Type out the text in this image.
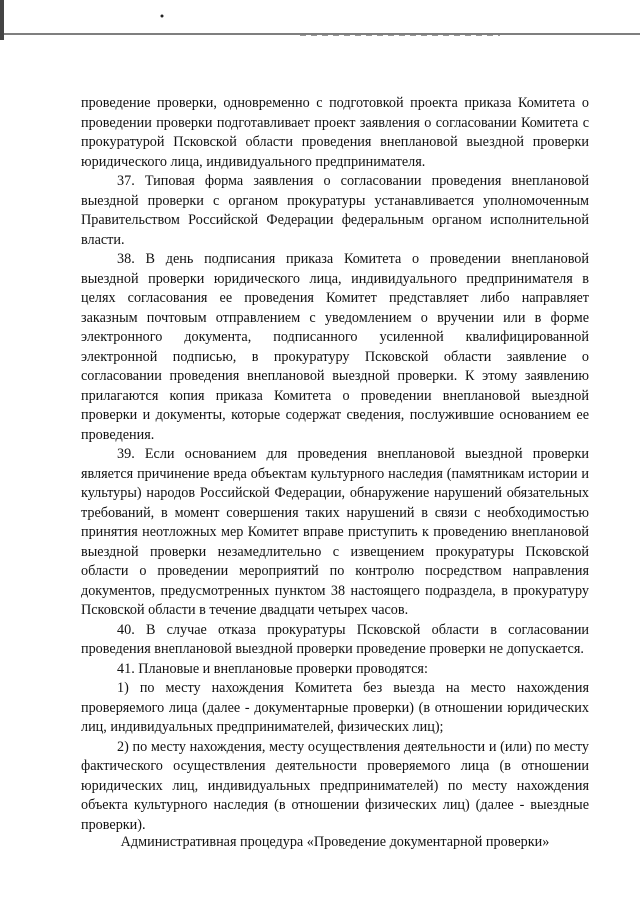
проведение проверки, одновременно с подготовкой проекта приказа Комитета о проведении проверки подготавливает проект заявления о согласовании Комитета с прокуратурой Псковской области проведения внеплановой выездной проверки юридического лица, индивидуального предпринимателя.

37. Типовая форма заявления о согласовании проведения внеплановой выездной проверки с органом прокуратуры устанавливается уполномоченным Правительством Российской Федерации федеральным органом исполнительной власти.

38. В день подписания приказа Комитета о проведении внеплановой выездной проверки юридического лица, индивидуального предпринимателя в целях согласования ее проведения Комитет представляет либо направляет заказным почтовым отправлением с уведомлением о вручении или в форме электронного документа, подписанного усиленной квалифицированной электронной подписью, в прокуратуру Псковской области заявление о согласовании проведения внеплановой выездной проверки. К этому заявлению прилагаются копия приказа Комитета о проведении внеплановой выездной проверки и документы, которые содержат сведения, послужившие основанием ее проведения.

39. Если основанием для проведения внеплановой выездной проверки является причинение вреда объектам культурного наследия (памятникам истории и культуры) народов Российской Федерации, обнаружение нарушений обязательных требований, в момент совершения таких нарушений в связи с необходимостью принятия неотложных мер Комитет вправе приступить к проведению внеплановой выездной проверки незамедлительно с извещением прокуратуры Псковской области о проведении мероприятий по контролю посредством направления документов, предусмотренных пунктом 38 настоящего подраздела, в прокуратуру Псковской области в течение двадцати четырех часов.

40. В случае отказа прокуратуры Псковской области в согласовании проведения внеплановой выездной проверки проведение проверки не допускается.

41. Плановые и внеплановые проверки проводятся:

1) по месту нахождения Комитета без выезда на место нахождения проверяемого лица (далее - документарные проверки) (в отношении юридических лиц, индивидуальных предпринимателей, физических лиц);

2) по месту нахождения, месту осуществления деятельности и (или) по месту фактического осуществления деятельности проверяемого лица (в отношении юридических лиц, индивидуальных предпринимателей) по месту нахождения объекта культурного наследия (в отношении физических лиц) (далее - выездные проверки).

Административная процедура «Проведение документарной проверки»
